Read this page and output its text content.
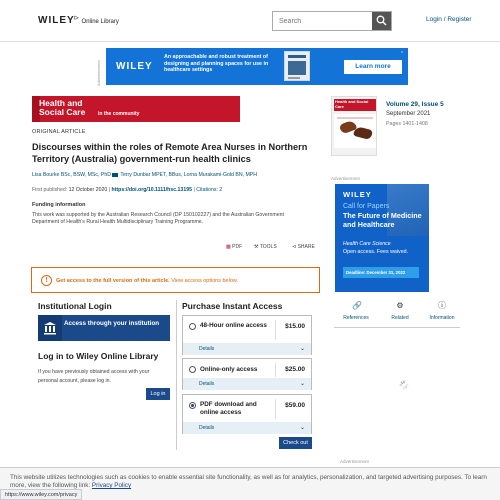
WILEY▷Online Library
Search	Login / Register
Advertisement	WILEY
An approachable and robust treatment of designing and planning spaces for use in healthcare settings	Learn more
×
Health and
Social Care	in the community
ORIGINAL ARTICLE
Discourses within the roles of Remote Area Nurses in Northern Territory (Australia) government-run health clinics
Lisa Bourke BSc, BSW, MSc, PhD Terry Dunbar MPET, BBus, Lorna Murakami-Gold BN, MPH
First published: 12 October 2020 | https://doi.org/10.1111/hsc.13195 | Citations: 2
Funding information
This work was supported by the Australian Research Council (DP 150102227) and the Australian Government Department of Health's Rural Health Multidisciplinary Training Programme.
▩ PDF ⚒ TOOLS	⊲ SHARE
!	Get access to the full version of this article. View access options below.
Institutional Login
Access through your institution
Log in to Wiley Online Library
If you have previously obtained access with your personal account, please log in.
Log in
Purchase Instant Access
48-Hour online access	$15.00
Details	⌄
Online-only access	$25.00
Details	⌄
PDF download and online access
$59.00
Details	⌄
Check out
Health and Social Care	Volume 29, Issue 5
September 2021
Pages 1401-1408
Advertisement
WILEY
Call for Papers
The Future of Medicine and Healthcare
Health Care Science
Open access. Fees waived.
Deadline: December 31, 2022
🔗
References
⚙
Related
ⓘ
Information
Advertisement
This website utilizes technologies such as cookies to enable essential site functionality, as well as for analytics, personalization, and targeted advertising purposes. To learn more, view the following link: Privacy Policy
https://www.wiley.com/privacy
